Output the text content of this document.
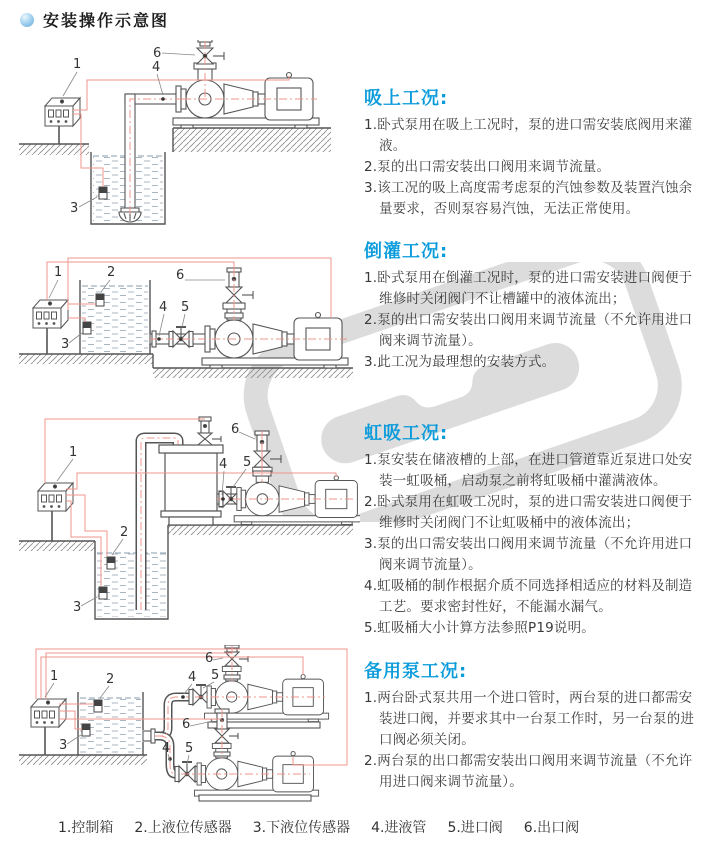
安装操作示意图
1	4
6
3
1	2
3
4 5
6
1
2
3
4 5
6
1	2
3
4 5
6
4 5
6
吸上工况:

1.卧式泵用在吸上工况时，泵的进口需安装底阀用来灌液。

2.泵的出口需安装出口阀用来调节流量。

3.该工况的吸上高度需考虑泵的汽蚀参数及装置汽蚀余量要求，否则泵容易汽蚀，无法正常使用。

倒灌工况:

1.卧式泵用在倒灌工况时，泵的进口需安装进口阀便于维修时关闭阀门不让槽罐中的液体流出；

2.泵的出口需安装出口阀用来调节流量（不允许用进口阀来调节流量）。

3.此工况为最理想的安装方式。

虹吸工况:

1.泵安装在储液槽的上部，在进口管道靠近泵进口处安装一虹吸桶，启动泵之前将虹吸桶中灌满液体。

2.卧式泵用在虹吸工况时，泵的进口需安装进口阀便于维修时关闭阀门不让虹吸桶中的液体流出；

3.泵的出口需安装出口阀用来调节流量（不允许用进口阀来调节流量）。

4.虹吸桶的制作根据介质不同选择相适应的材料及制造工艺。要求密封性好，不能漏水漏气。

5.虹吸桶大小计算方法参照P19说明。

备用泵工况:

1.两台卧式泵共用一个进口管时，两台泵的进口都需安装进口阀，并要求其中一台泵工作时，另一台泵的进口阀必须关闭。

2.两台泵的出口都需安装出口阀用来调节流量（不允许用进口阀来调节流量）。

1.控制箱 2.上液位传感器 3.下液位传感器 4.进液管 5.进口阀 6.出口阀
